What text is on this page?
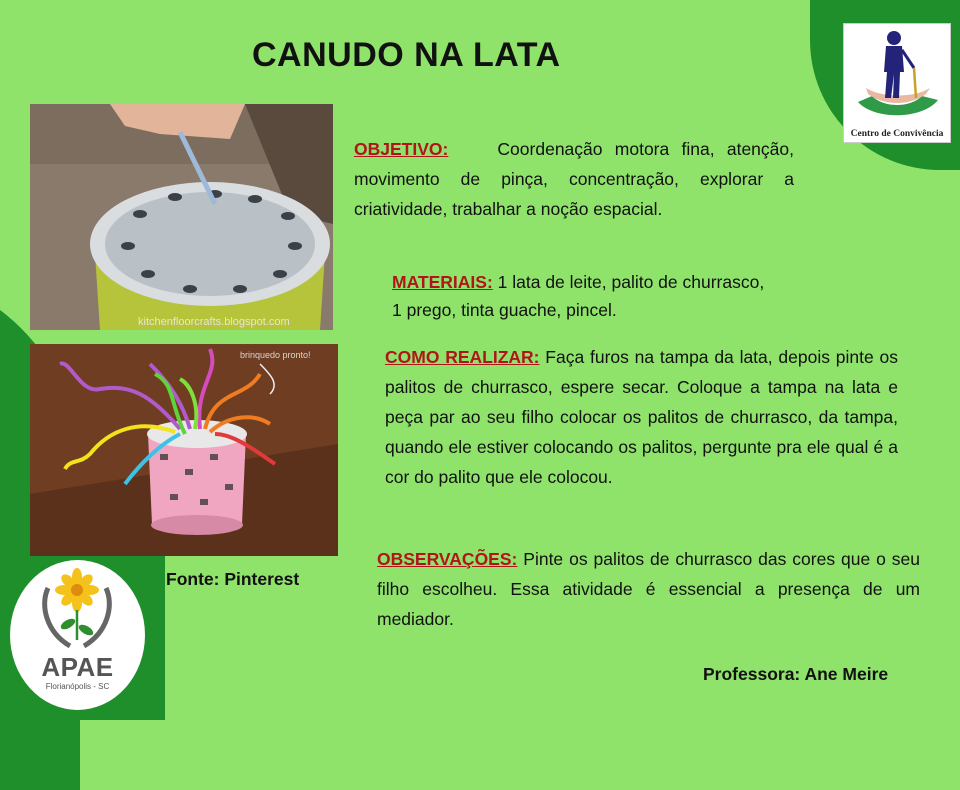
CANUDO NA LATA
kitchenfloorcrafts.blogspot.com
brinquedo pronto!
OBJETIVO:	Coordenação motora fina, atenção, movimento de pinça, concentração, explorar a criatividade, trabalhar a noção espacial.
MATERIAIS: 1 lata de leite, palito de churrasco,
1 prego, tinta guache, pincel.
COMO REALIZAR: Faça furos na tampa da lata, depois pinte os palitos de churrasco, espere secar. Coloque a tampa na lata e peça par ao seu filho colocar os palitos de churrasco, da tampa, quando ele estiver colocando os palitos, pergunte pra ele qual é a cor do palito que ele colocou.
OBSERVAÇÕES: Pinte os palitos de churrasco das cores que o seu filho escolheu. Essa atividade é essencial a presença de um mediador.
Fonte: Pinterest
Professora: Ane Meire
Centro de Convivência
APAE
Florianópolis - SC
